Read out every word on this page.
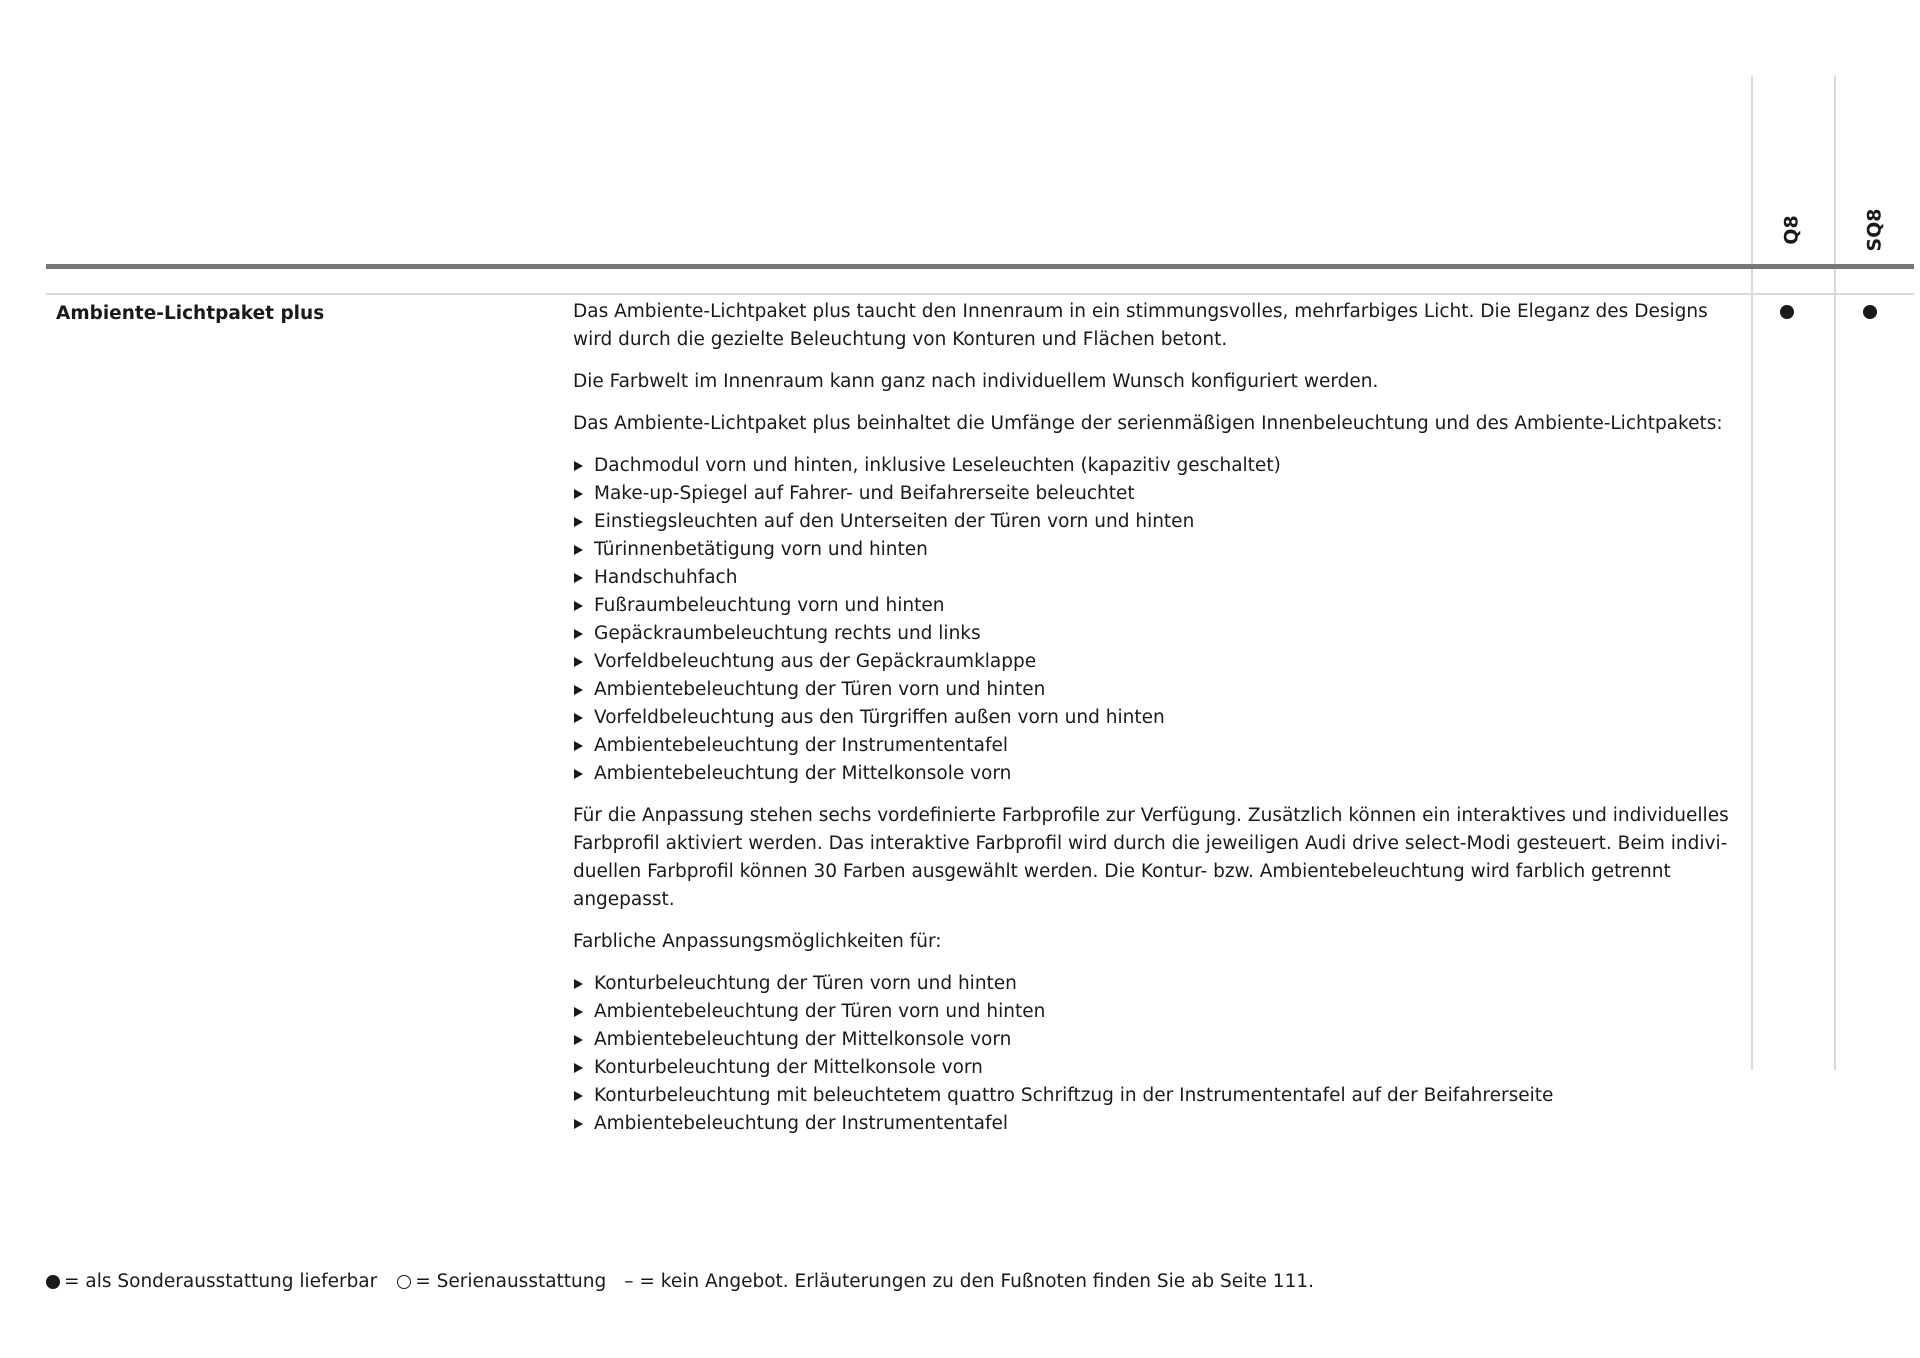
Q8	SQ8
Ambiente-Lichtpaket plus	Das Ambiente-Lichtpaket plus taucht den Innenraum in ein stimmungsvolles, mehrfarbiges Licht. Die Eleganz des Designs wird durch die gezielte Beleuchtung von Konturen und Flächen betont.

Die Farbwelt im Innenraum kann ganz nach individuellem Wunsch konfiguriert werden.

Das Ambiente-Lichtpaket plus beinhaltet die Umfänge der serienmäßigen Innenbeleuchtung und des Ambiente-Lichtpakets:

Dachmodul vorn und hinten, inklusive Leseleuchten (kapazitiv geschaltet)
Make-up-Spiegel auf Fahrer- und Beifahrerseite beleuchtet
Einstiegsleuchten auf den Unterseiten der Türen vorn und hinten
Türinnenbetätigung vorn und hinten
Handschuhfach
Fußraumbeleuchtung vorn und hinten
Gepäckraumbeleuchtung rechts und links
Vorfeldbeleuchtung aus der Gepäckraumklappe
Ambientebeleuchtung der Türen vorn und hinten
Vorfeldbeleuchtung aus den Türgriffen außen vorn und hinten
Ambientebeleuchtung der Instrumententafel
Ambientebeleuchtung der Mittelkonsole vorn

Für die Anpassung stehen sechs vordefinierte Farbprofile zur Verfügung. Zusätzlich können ein interaktives und individuelles Farbprofil aktiviert werden. Das interaktive Farbprofil wird durch die jeweiligen Audi drive select-Modi gesteuert. Beim indivi-duellen Farbprofil können 30 Farben ausgewählt werden. Die Kontur- bzw. Ambientebeleuchtung wird farblich getrennt angepasst.

Farbliche Anpassungsmöglichkeiten für:

Konturbeleuchtung der Türen vorn und hinten
Ambientebeleuchtung der Türen vorn und hinten
Ambientebeleuchtung der Mittelkonsole vorn
Konturbeleuchtung der Mittelkonsole vorn
Konturbeleuchtung mit beleuchtetem quattro Schriftzug in der Instrumententafel auf der Beifahrerseite
Ambientebeleuchtung der Instrumententafel
= als Sonderausstattung lieferbar = Serienausstattung – = kein Angebot. Erläuterungen zu den Fußnoten finden Sie ab Seite 111.
